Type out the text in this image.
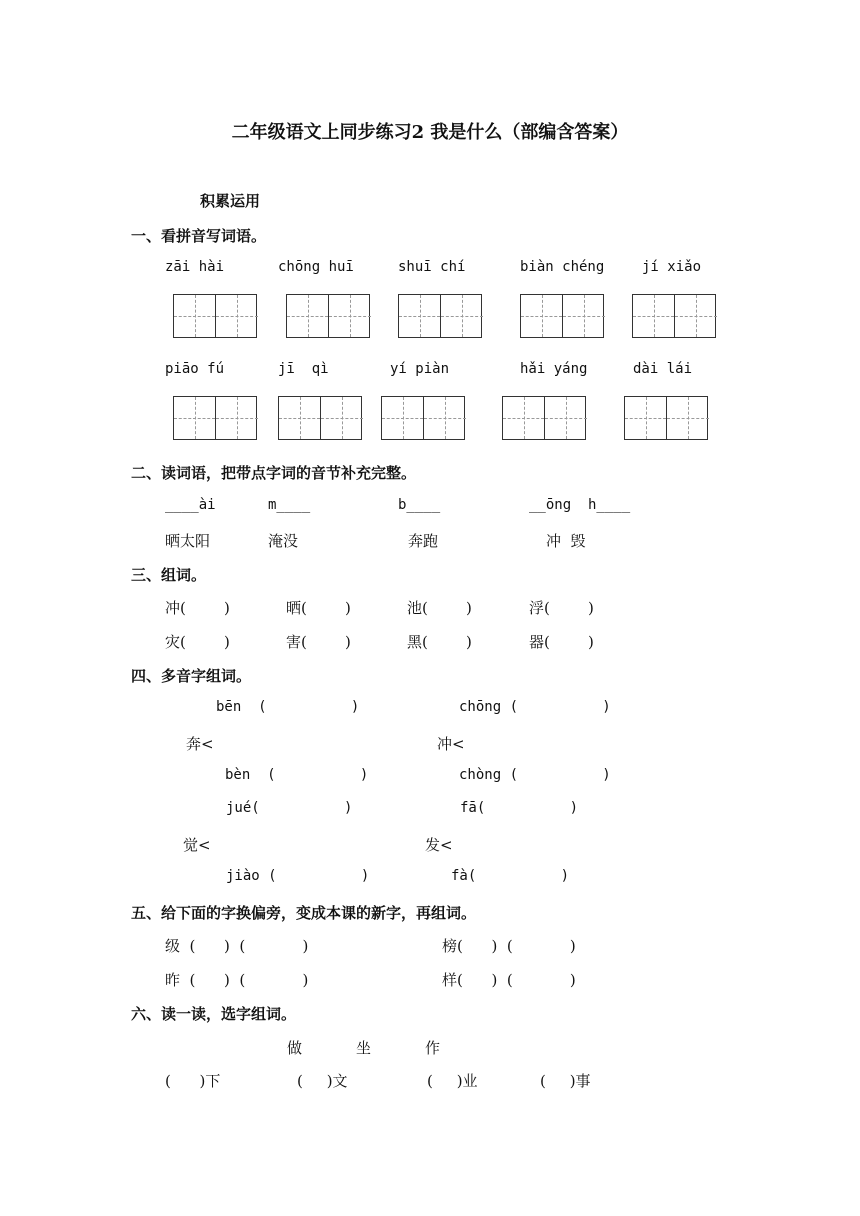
二年级语文上同步练习2 我是什么（部编含答案）
积累运用
一、看拼音写词语。
zāi hài	chōng huī	shuī chí	biàn chéng	jí xiǎo
piāo fú	jī  qì	yí piàn	hǎi yáng	dài lái
二、读词语，把带点字词的音节补充完整。
____ài	m____	b____	__ōng  h____
晒太阳	淹没	奔跑	冲  毁
三、组词。
冲(        )	晒(        )	池(        )	浮(        )
灾(        )	害(        )	黑(        )	器(        )
四、多音字组词。
bēn  (          )	chōng (          )
奔<	冲<
bèn  (          )	chòng (          )
jué(          )	fā(          )
觉<	发<
jiào (          )	fà(          )
五、给下面的字换偏旁，变成本课的新字，再组词。
级  (      )  (            )	榜(      )  (            )
昨  (      )  (            )	样(      )  (            )
六、读一读，选字组词。
做	坐	作
(      )下	(     )文	(     )业	(     )事
